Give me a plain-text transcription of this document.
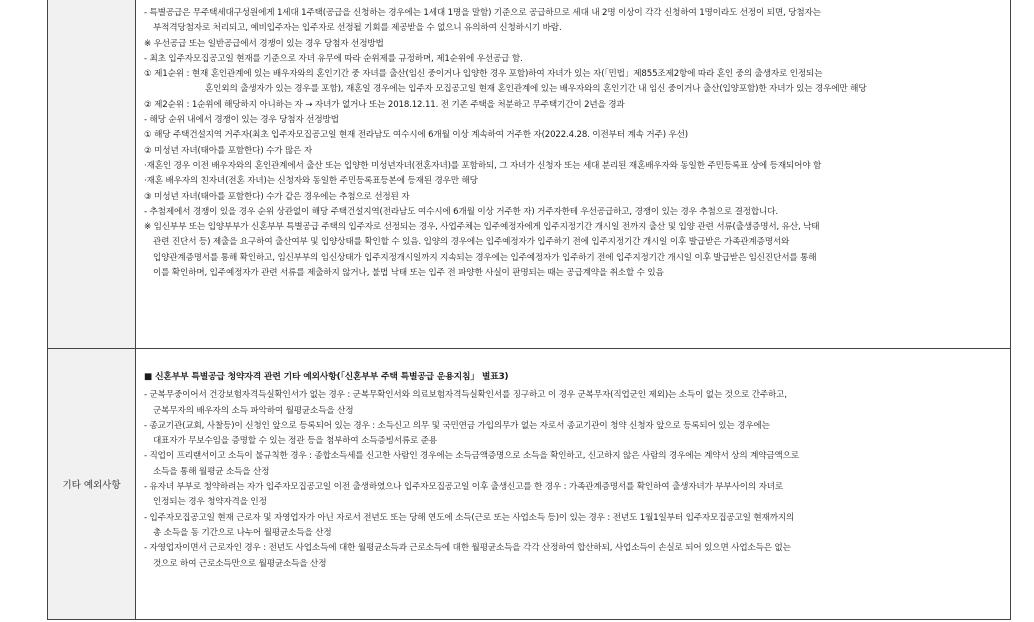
- 특별공급은 무주택세대구성원에게 1세대 1주택(공급을 신청하는 경우에는 1세대 1명을 말함) 기준으로 공급하므로 세대 내 2명 이상이 각각 신청하여 1명이라도 선정이 되면, 당첨자는
부적격당첨자로 처리되고, 예비입주자는 입주자로 선정될 기회를 제공받을 수 없으니 유의하여 신청하시기 바람.
※ 우선공급 또는 일반공급에서 경쟁이 있는 경우 당첨자 선정방법
- 최초 입주자모집공고일 현재를 기준으로 자녀 유무에 따라 순위제를 규정하며, 제1순위에 우선공급 함.
① 제1순위 : 현재 혼인관계에 있는 배우자와의 혼인기간 중 자녀를 출산(임신 중이거나 입양한 경우 포함)하여 자녀가 있는 자(「민법」제855조제2항에 따라 혼인 중의 출생자로 인정되는
혼인외의 출생자가 있는 경우를 포함), 재혼일 경우에는 입주자 모집공고일 현재 혼인관계에 있는 배우자와의 혼인기간 내 임신 중이거나 출산(입양포함)한 자녀가 있는 경우에만 해당
② 제2순위 : 1순위에 해당하지 아니하는 자 → 자녀가 없거나 또는 2018.12.11. 전 기존 주택을 처분하고 무주택기간이 2년을 경과
- 해당 순위 내에서 경쟁이 있는 경우 당첨자 선정방법
① 해당 주택건설지역 거주자(최초 입주자모집공고일 현재 전라남도 여수시에 6개월 이상 계속하여 거주한 자(2022.4.28. 이전부터 계속 거주) 우선)
② 미성년 자녀(태아를 포함한다) 수가 많은 자
·재혼인 경우 이전 배우자와의 혼인관계에서 출산 또는 입양한 미성년자녀(전혼자녀)를 포함하되, 그 자녀가 신청자 또는 세대 분리된 재혼배우자와 동일한 주민등록표 상에 등재되어야 함
·재혼 배우자의 친자녀(전혼 자녀)는 신청자와 동일한 주민등록표등본에 등재된 경우만 해당
③ 미성년 자녀(태아를 포함한다) 수가 같은 경우에는 추첨으로 선정된 자
- 추첨제에서 경쟁이 있을 경우 순위 상관없이 해당 주택건설지역(전라남도 여수시에 6개월 이상 거주한 자) 거주자한테 우선공급하고, 경쟁이 있는 경우 추첨으로 결정합니다.
※ 임신부부 또는 입양부부가 신혼부부 특별공급 주택의 입주자로 선정되는 경우, 사업주체는 입주예정자에게 입주지정기간 개시일 전까지 출산 및 입양 관련 서류(출생증명서, 유산, 낙태
관련 진단서 등) 제출을 요구하여 출산여부 및 입양상태를 확인할 수 있음. 입양의 경우에는 입주예정자가 입주하기 전에 입주지정기간 개시일 이후 발급받은 가족관계증명서와
입양관계증명서를 통해 확인하고, 임신부부의 임신상태가 입주지정개시일까지 지속되는 경우에는 입주예정자가 입주하기 전에 입주지정기간 개시일 이후 발급받은 임신진단서를 통해
이를 확인하며, 입주예정자가 관련 서류를 제출하지 않거나, 불법 낙태 또는 입주 전 파양한 사실이 판명되는 때는 공급계약을 취소할 수 있음
기타 예외사항
■ 신혼부부 특별공급 청약자격 관련 기타 예외사항(「신혼부부 주택 특별공급 운용지침」 별표3)
- 군복무중이어서 건강보험자격득실확인서가 없는 경우 : 군복무확인서와 의료보험자격득실확인서를 징구하고 이 경우 군복무자(직업군인 제외)는 소득이 없는 것으로 간주하고,
군복무자의 배우자의 소득 파악하여 월평균소득을 산정
- 종교기관(교회, 사찰등)이 신청인 앞으로 등록되어 있는 경우 : 소득신고 의무 및 국민연금 가입의무가 없는 자로서 종교기관이 청약 신청자 앞으로 등록되어 있는 경우에는
대표자가 무보수임을 증명할 수 있는 정관 등을 첨부하여 소득증빙서류로 준용
- 직업이 프리랜서이고 소득이 불규칙한 경우 : 종합소득세를 신고한 사람인 경우에는 소득금액증명으로 소득을 확인하고, 신고하지 않은 사람의 경우에는 계약서 상의 계약금액으로
소득을 통해 월평균 소득을 산정
- 유자녀 부부로 청약하려는 자가 입주자모집공고일 이전 출생하였으나 입주자모집공고일 이후 출생신고를 한 경우 : 가족관계증명서를 확인하여 출생자녀가 부부사이의 자녀로
인정되는 경우 청약자격을 인정
- 입주자모집공고일 현재 근로자 및 자영업자가 아닌 자로서 전년도 또는 당해 연도에 소득(근로 또는 사업소득 등)이 있는 경우 : 전년도 1월1일부터 입주자모집공고일 현재까지의
총 소득을 동 기간으로 나누어 월평균소득을 산정
- 자영업자이면서 근로자인 경우 : 전년도 사업소득에 대한 월평균소득과 근로소득에 대한 월평균소득을 각각 산정하여 합산하되, 사업소득이 손실로 되어 있으면 사업소득은 없는
것으로 하여 근로소득만으로 월평균소득을 산정
